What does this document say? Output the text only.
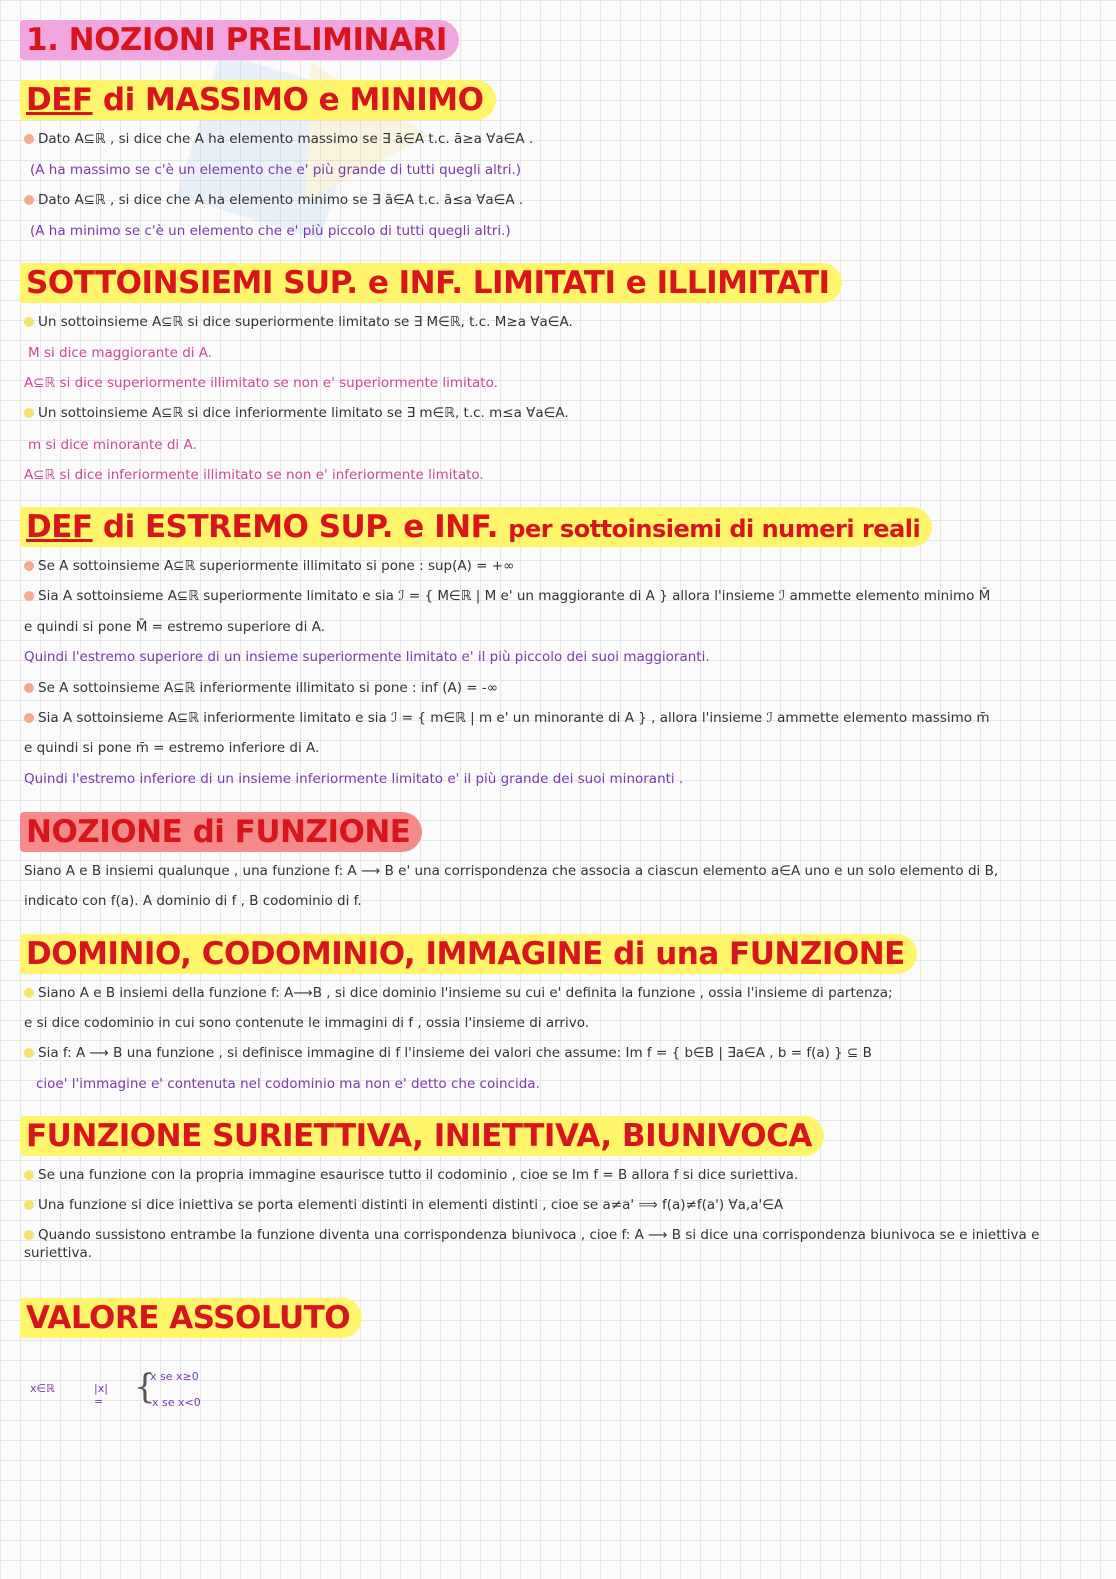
1. NOZIONI PRELIMINARI
DEF di MASSIMO e MINIMO
Dato A⊆ℝ , si dice che A ha elemento massimo se ∃ ā∈A t.c. ā≥a ∀a∈A .
(A ha massimo se c'è un elemento che e' più grande di tutti quegli altri.)
Dato A⊆ℝ , si dice che A ha elemento minimo se ∃ ã∈A t.c. ã≤a ∀a∈A .
(A ha minimo se c'è un elemento che e' più piccolo di tutti quegli altri.)
SOTTOINSIEMI SUP. e INF. LIMITATI e ILLIMITATI
Un sottoinsieme A⊆ℝ si dice superiormente limitato se ∃ M∈ℝ, t.c. M≥a ∀a∈A.
M si dice maggiorante di A.
A⊆ℝ si dice superiormente illimitato se non e' superiormente limitato.
Un sottoinsieme A⊆ℝ si dice inferiormente limitato se ∃ m∈ℝ, t.c. m≤a ∀a∈A.
m si dice minorante di A.
A⊆ℝ si dice inferiormente illimitato se non e' inferiormente limitato.
DEF di ESTREMO SUP. e INF. per sottoinsiemi di numeri reali
Se A sottoinsieme A⊆ℝ superiormente illimitato si pone : sup(A) = +∞
Sia A sottoinsieme A⊆ℝ superiormente limitato e sia ℐ = { M∈ℝ | M e' un maggiorante di A } allora l'insieme ℐ ammette elemento minimo M̄
e quindi si pone M̄ = estremo superiore di A.
Quindi l'estremo superiore di un insieme superiormente limitato e' il più piccolo dei suoi maggioranti.
Se A sottoinsieme A⊆ℝ inferiormente illimitato si pone : inf (A) = -∞
Sia A sottoinsieme A⊆ℝ inferiormente limitato e sia ℐ = { m∈ℝ | m e' un minorante di A } , allora l'insieme ℐ ammette elemento massimo m̄
e quindi si pone m̄ = estremo inferiore di A.
Quindi l'estremo inferiore di un insieme inferiormente limitato e' il più grande dei suoi minoranti .
NOZIONE di FUNZIONE
Siano A e B insiemi qualunque , una funzione f: A ⟶ B e' una corrispondenza che associa a ciascun elemento a∈A uno e un solo elemento di B,
indicato con f(a). A dominio di f , B codominio di f.
DOMINIO, CODOMINIO, IMMAGINE di una FUNZIONE
Siano A e B insiemi della funzione f: A⟶B , si dice dominio l'insieme su cui e' definita la funzione , ossia l'insieme di partenza;
e si dice codominio in cui sono contenute le immagini di f , ossia l'insieme di arrivo.
Sia f: A ⟶ B una funzione , si definisce immagine di f l'insieme dei valori che assume: Im f = { b∈B | ∃a∈A , b = f(a) } ⊆ B
cioe' l'immagine e' contenuta nel codominio ma non e' detto che coincida.
FUNZIONE SURIETTIVA, INIETTIVA, BIUNIVOCA
Se una funzione con la propria immagine esaurisce tutto il codominio , cioe se Im f = B allora f si dice suriettiva.
Una funzione si dice iniettiva se porta elementi distinti in elementi distinti , cioe se a≠a' ⟹ f(a)≠f(a') ∀a,a'∈A
Quando sussistono entrambe la funzione diventa una corrispondenza biunivoca , cioe f: A ⟶ B si dice una corrispondenza biunivoca se e iniettiva e suriettiva.
VALORE ASSOLUTO
x∈ℝ	|x| = {
x se x≥0
-x se x<0
